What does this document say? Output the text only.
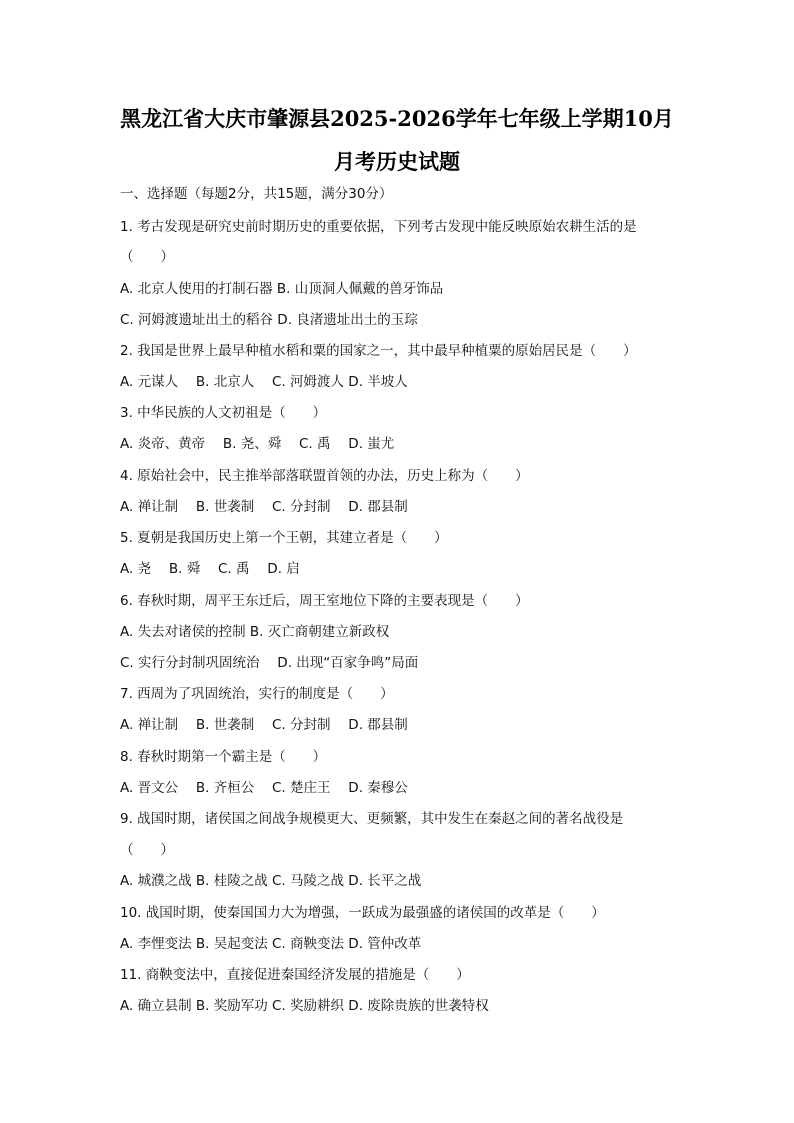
黑龙江省大庆市肇源县2025-2026学年七年级上学期10月
月考历史试题
一、选择题（每题2分，共15题，满分30分）
1. 考古发现是研究史前时期历史的重要依据，下列考古发现中能反映原始农耕生活的是
（　　）
A. 北京人使用的打制石器 B. 山顶洞人佩戴的兽牙饰品
C. 河姆渡遗址出土的稻谷 D. 良渚遗址出土的玉琮
2. 我国是世界上最早种植水稻和粟的国家之一，其中最早种植粟的原始居民是（　　）
A. 元谋人　 B. 北京人　 C. 河姆渡人 D. 半坡人
3. 中华民族的人文初祖是（　　）
A. 炎帝、黄帝　 B. 尧、舜　 C. 禹　 D. 蚩尤
4. 原始社会中，民主推举部落联盟首领的办法，历史上称为（　　）
A. 禅让制　 B. 世袭制　 C. 分封制　 D. 郡县制
5. 夏朝是我国历史上第一个王朝，其建立者是（　　）
A. 尧　 B. 舜　 C. 禹　 D. 启
6. 春秋时期，周平王东迁后，周王室地位下降的主要表现是（　　）
A. 失去对诸侯的控制 B. 灭亡商朝建立新政权
C. 实行分封制巩固统治　 D. 出现“百家争鸣”局面
7. 西周为了巩固统治，实行的制度是（　　）
A. 禅让制　 B. 世袭制　 C. 分封制　 D. 郡县制
8. 春秋时期第一个霸主是（　　）
A. 晋文公　 B. 齐桓公　 C. 楚庄王　 D. 秦穆公
9. 战国时期，诸侯国之间战争规模更大、更频繁，其中发生在秦赵之间的著名战役是
（　　）
A. 城濮之战 B. 桂陵之战 C. 马陵之战 D. 长平之战
10. 战国时期，使秦国国力大为增强，一跃成为最强盛的诸侯国的改革是（　　）
A. 李悝变法 B. 吴起变法 C. 商鞅变法 D. 管仲改革
11. 商鞅变法中，直接促进秦国经济发展的措施是（　　）
A. 确立县制 B. 奖励军功 C. 奖励耕织 D. 废除贵族的世袭特权
